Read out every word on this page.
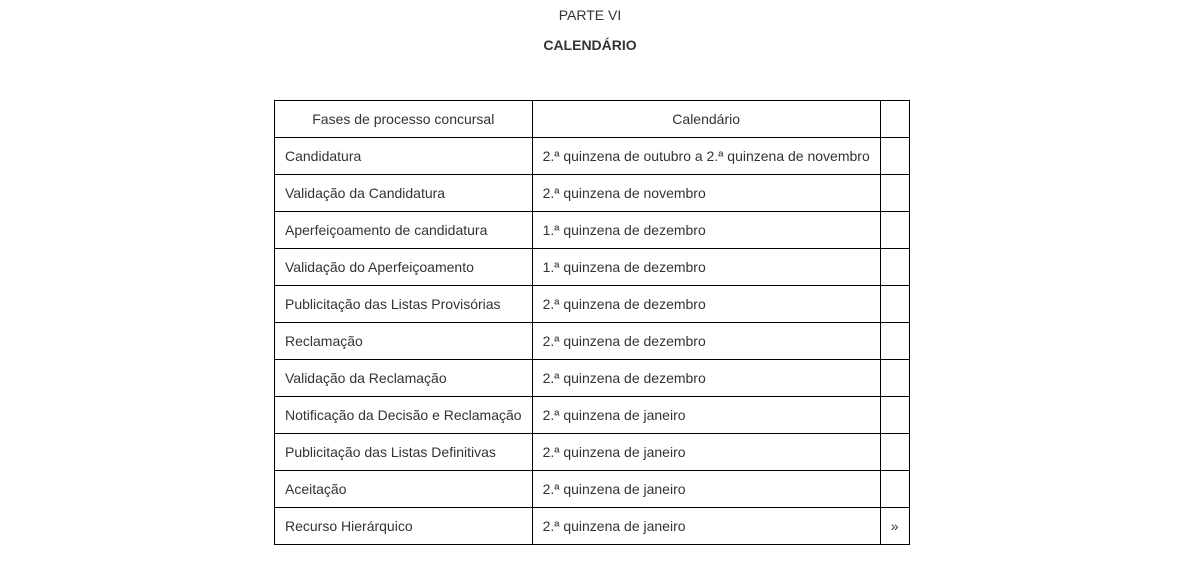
PARTE VI
CALENDÁRIO
Fases de processo concursal	Calendário	
Candidatura	2.ª quinzena de outubro a 2.ª quinzena de novembro	
Validação da Candidatura	2.ª quinzena de novembro	
Aperfeiçoamento de candidatura	1.ª quinzena de dezembro	
Validação do Aperfeiçoamento	1.ª quinzena de dezembro	
Publicitação das Listas Provisórias	2.ª quinzena de dezembro	
Reclamação	2.ª quinzena de dezembro	
Validação da Reclamação	2.ª quinzena de dezembro	
Notificação da Decisão e Reclamação	2.ª quinzena de janeiro	
Publicitação das Listas Definitivas	2.ª quinzena de janeiro	
Aceitação	2.ª quinzena de janeiro	
Recurso Hierárquico	2.ª quinzena de janeiro	»
